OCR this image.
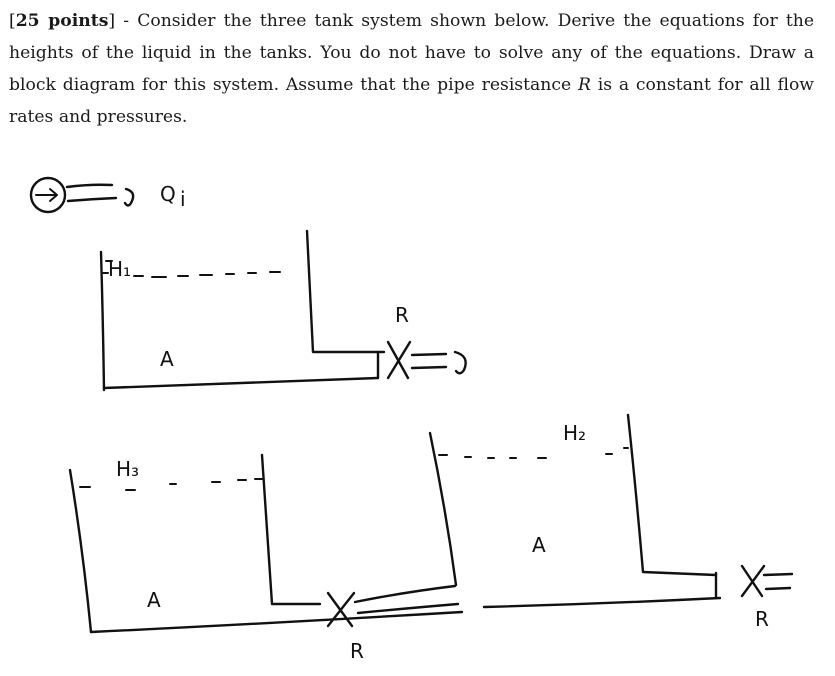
[25 points] - Consider the three tank system shown below. Derive the equations for the heights of the liquid in the tanks. You do not have to solve any of the equations. Draw a block diagram for this system. Assume that the pipe resistance R is a constant for all flow rates and pressures.
Q i
H₁
A
R
H₃
A
R
H₂
A
R
